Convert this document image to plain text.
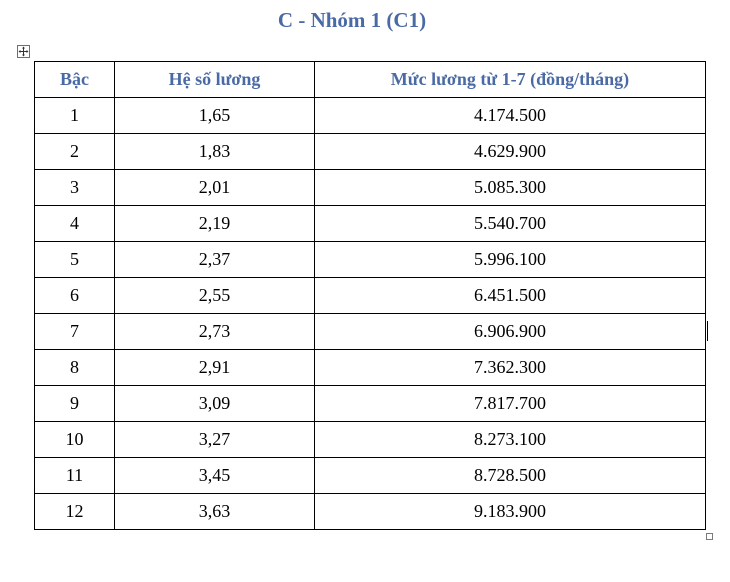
C - Nhóm 1 (C1)
Bậc	Hệ số lương	Mức lương từ 1-7 (đồng/tháng)
1	1,65	4.174.500
2	1,83	4.629.900
3	2,01	5.085.300
4	2,19	5.540.700
5	2,37	5.996.100
6	2,55	6.451.500
7	2,73	6.906.900
8	2,91	7.362.300
9	3,09	7.817.700
10	3,27	8.273.100
11	3,45	8.728.500
12	3,63	9.183.900
